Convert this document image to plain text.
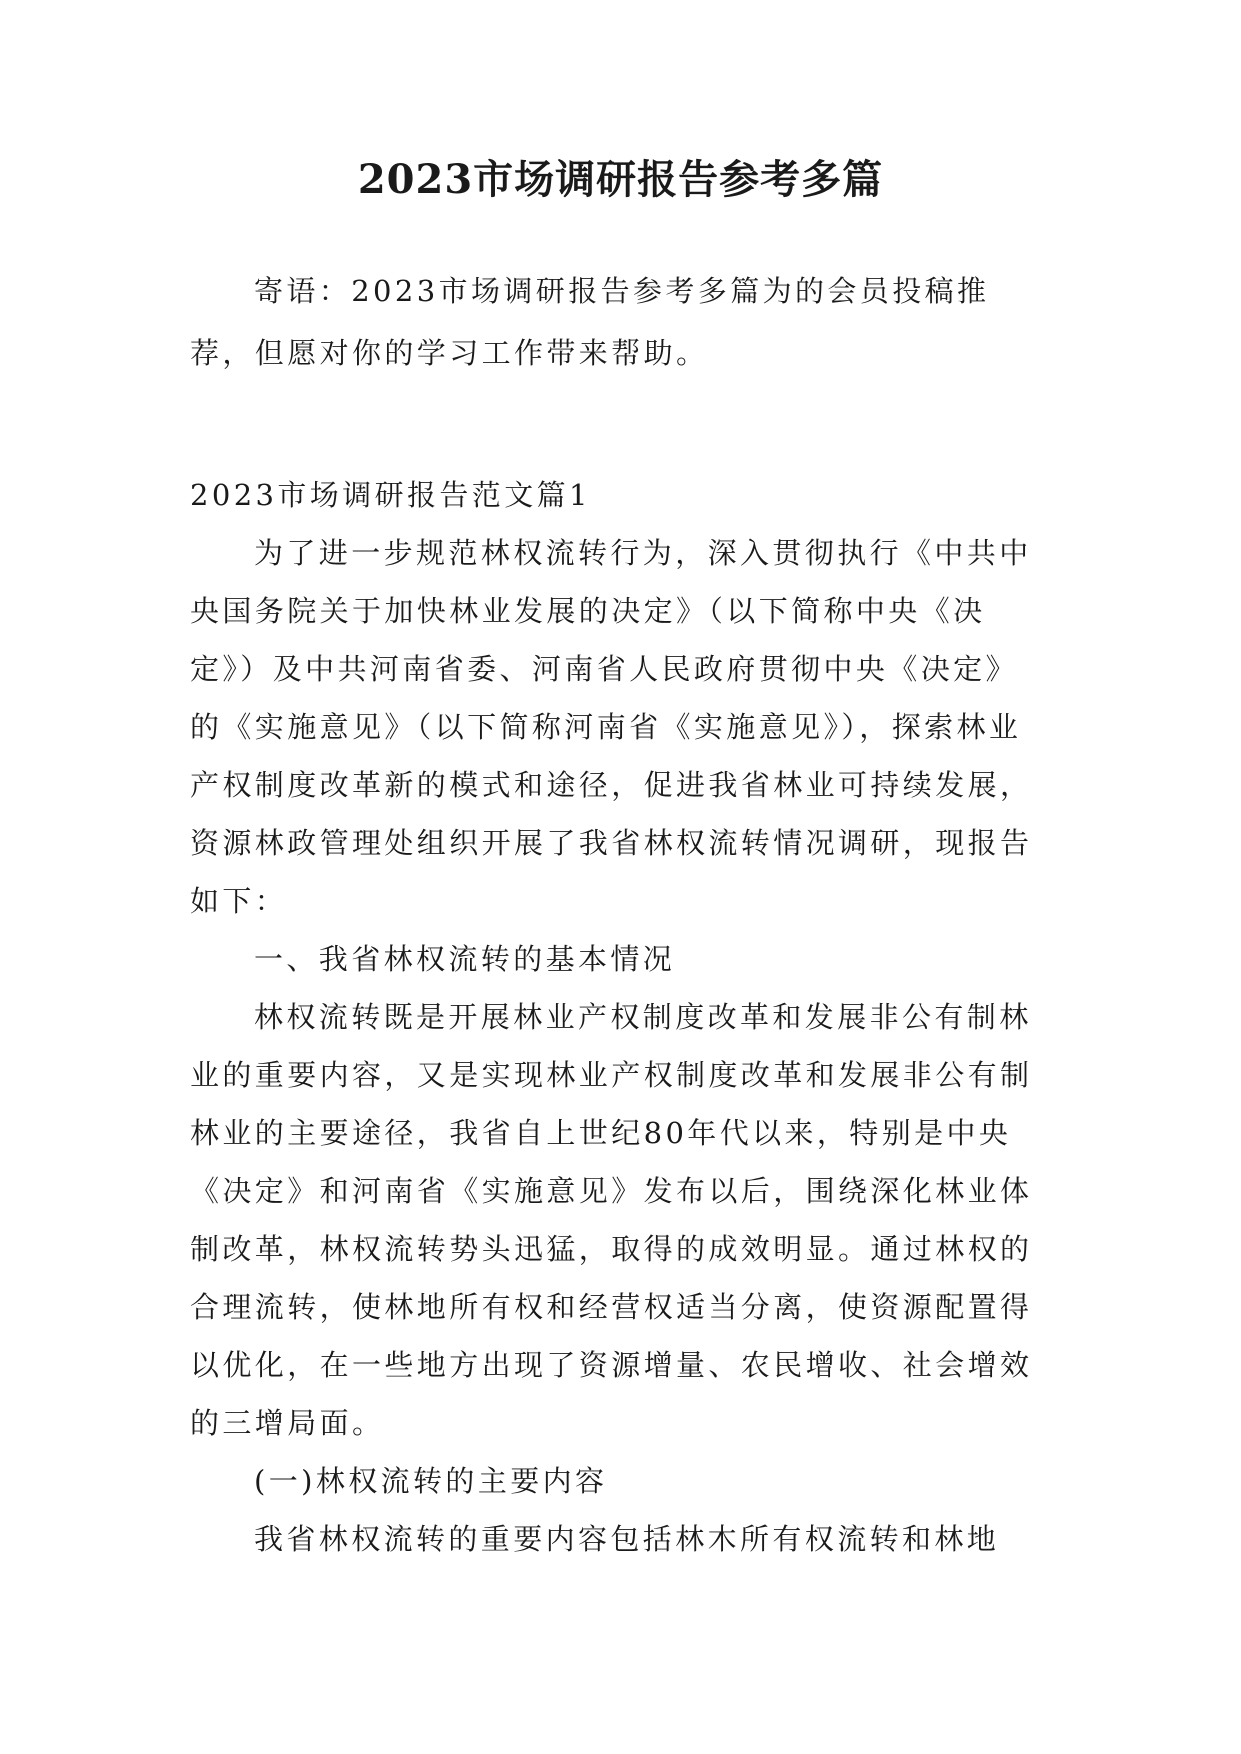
2023市场调研报告参考多篇

寄语：2023市场调研报告参考多篇为的会员投稿推荐，但愿对你的学习工作带来帮助。

2023市场调研报告范文篇1

为了进一步规范林权流转行为，深入贯彻执行《中共中央国务院关于加快林业发展的决定》（以下简称中央《决定》）及中共河南省委、河南省人民政府贯彻中央《决定》的《实施意见》（以下简称河南省《实施意见》），探索林业产权制度改革新的模式和途径，促进我省林业可持续发展，资源林政管理处组织开展了我省林权流转情况调研，现报告如下：

一、我省林权流转的基本情况

林权流转既是开展林业产权制度改革和发展非公有制林业的重要内容，又是实现林业产权制度改革和发展非公有制林业的主要途径，我省自上世纪80年代以来，特别是中央《决定》和河南省《实施意见》发布以后，围绕深化林业体制改革，林权流转势头迅猛，取得的成效明显。通过林权的合理流转，使林地所有权和经营权适当分离，使资源配置得以优化，在一些地方出现了资源增量、农民增收、社会增效的三增局面。

(一)林权流转的主要内容

我省林权流转的重要内容包括林木所有权流转和林地
